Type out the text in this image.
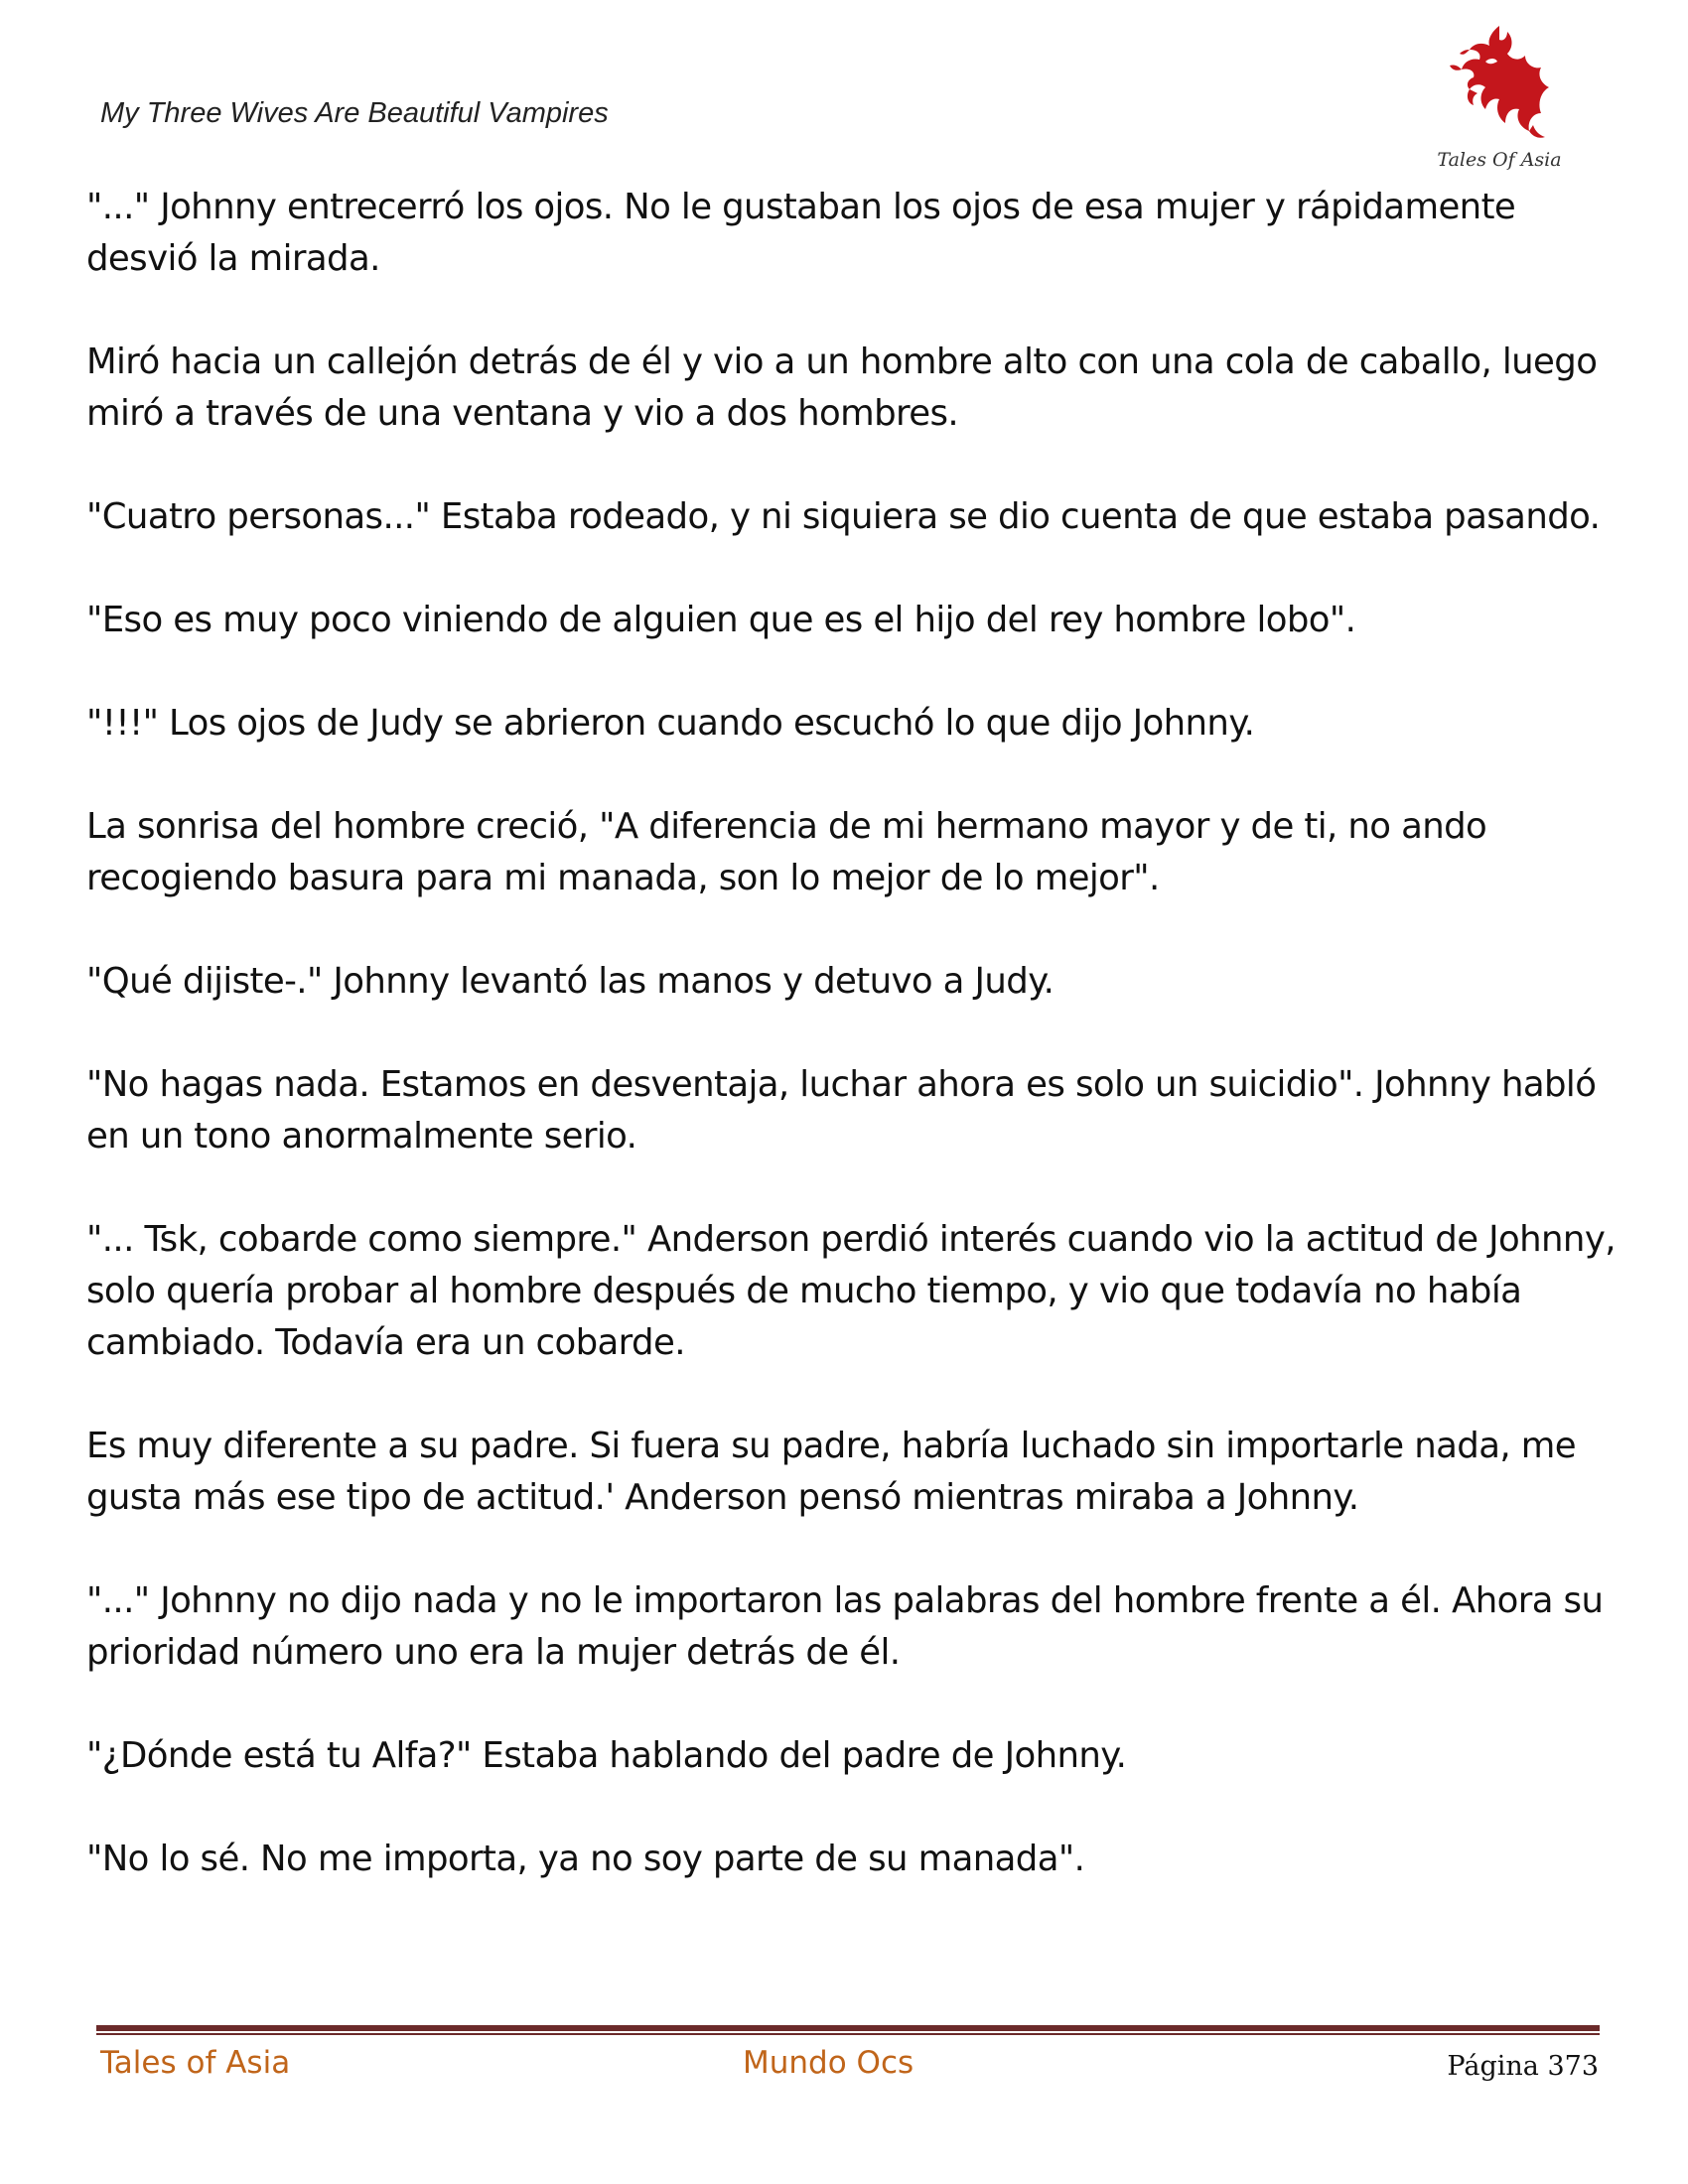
My Three Wives Are Beautiful Vampires
Tales Of Asia

"..." Johnny entrecerró los ojos. No le gustaban los ojos de esa mujer y rápidamente desvió la mirada.

Miró hacia un callejón detrás de él y vio a un hombre alto con una cola de caballo, luego miró a través de una ventana y vio a dos hombres.

"Cuatro personas..." Estaba rodeado, y ni siquiera se dio cuenta de que estaba pasando.

"Eso es muy poco viniendo de alguien que es el hijo del rey hombre lobo".

"!!!" Los ojos de Judy se abrieron cuando escuchó lo que dijo Johnny.

La sonrisa del hombre creció, "A diferencia de mi hermano mayor y de ti, no ando recogiendo basura para mi manada, son lo mejor de lo mejor".

"Qué dijiste-." Johnny levantó las manos y detuvo a Judy.

"No hagas nada. Estamos en desventaja, luchar ahora es solo un suicidio". Johnny habló en un tono anormalmente serio.

"... Tsk, cobarde como siempre." Anderson perdió interés cuando vio la actitud de Johnny, solo quería probar al hombre después de mucho tiempo, y vio que todavía no había cambiado. Todavía era un cobarde.

Es muy diferente a su padre. Si fuera su padre, habría luchado sin importarle nada, me gusta más ese tipo de actitud.' Anderson pensó mientras miraba a Johnny.

"..." Johnny no dijo nada y no le importaron las palabras del hombre frente a él. Ahora su prioridad número uno era la mujer detrás de él.

"¿Dónde está tu Alfa?" Estaba hablando del padre de Johnny.

"No lo sé. No me importa, ya no soy parte de su manada".

Tales of Asia	Mundo Ocs	Página 373
